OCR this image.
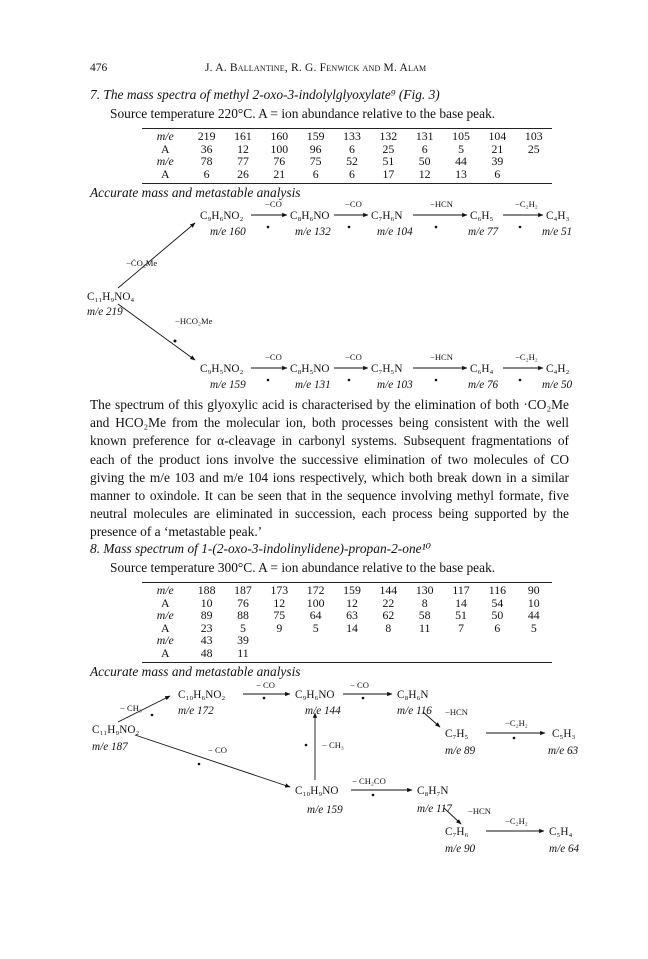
476	J. A. Ballantine, R. G. Fenwick and M. Alam
7. The mass spectra of methyl 2-oxo-3-indolylglyoxylate⁹ (Fig. 3)
Source temperature 220°C. A = ion abundance relative to the base peak.
m/e	219	161	160	159	133	132	131	105	104	103
A	36	12	100	96	6	25	6	5	21	25
m/e	78	77	76	75	52	51	50	44	39	
A	6	26	21	6	6	17	12	13	6	
Accurate mass and metastable analysis
C₉H₆NO₂
−CO
C₈H₆NO
−CO
C₇H₆N
−HCN
C₆H₅
−C₂H₂
C₄H₃
m/e 160	m/e 132	m/e 104	m/e 77	m/e 51
−ĊO₂Me
C₁₁H₉NO₄
m/e 219
−HCO₂Me
C₉H₅NO₂
−CO
C₈H₅NO
−CO
C₇H₅N
−HCN
C₆H₄
−C₂H₂
C₄H₂
m/e 159	m/e 131	m/e 103	m/e 76	m/e 50

The spectrum of this glyoxylic acid is characterised by the elimination of both ·CO₂Me and HCO₂Me from the molecular ion, both processes being consistent with the well known preference for α-cleavage in carbonyl systems. Subsequent fragmentations of each of the product ions involve the successive elimination of two molecules of CO giving the m/e 103 and m/e 104 ions respectively, which both break down in a similar manner to oxindole. It can be seen that in the sequence involving methyl formate, five neutral molecules are eliminated in succession, each process being supported by the presence of a ‘metastable peak.’

8. Mass spectrum of 1-(2-oxo-3-indolinylidene)-propan-2-one¹⁰
Source temperature 300°C. A = ion abundance relative to the base peak.
m/e	188	187	173	172	159	144	130	117	116	90
A	10	76	12	100	12	22	8	14	54	10
m/e	89	88	75	64	63	62	58	51	50	44
A	23	5	9	5	14	8	11	7	6	5
m/e	43	39								
A	48	11								
Accurate mass and metastable analysis
C₁₀H₆NO₂
− CO
C₉H₆NO
− CO
C₈H₆N
− CH₃	m/e 172	m/e 144	m/e 116 −HCN
C₁₁H₉NO₂
m/e 187
C₇H₅
−C₂H₂
C₅H₃
m/e 89	m/e 63
− CO	− CH₃
C₁₀H₉NO
− CH₂CO
C₈H₇N
m/e 159	m/e 117 −HCN
C₇H₆
−C₂H₂
C₅H₄
m/e 90	m/e 64
